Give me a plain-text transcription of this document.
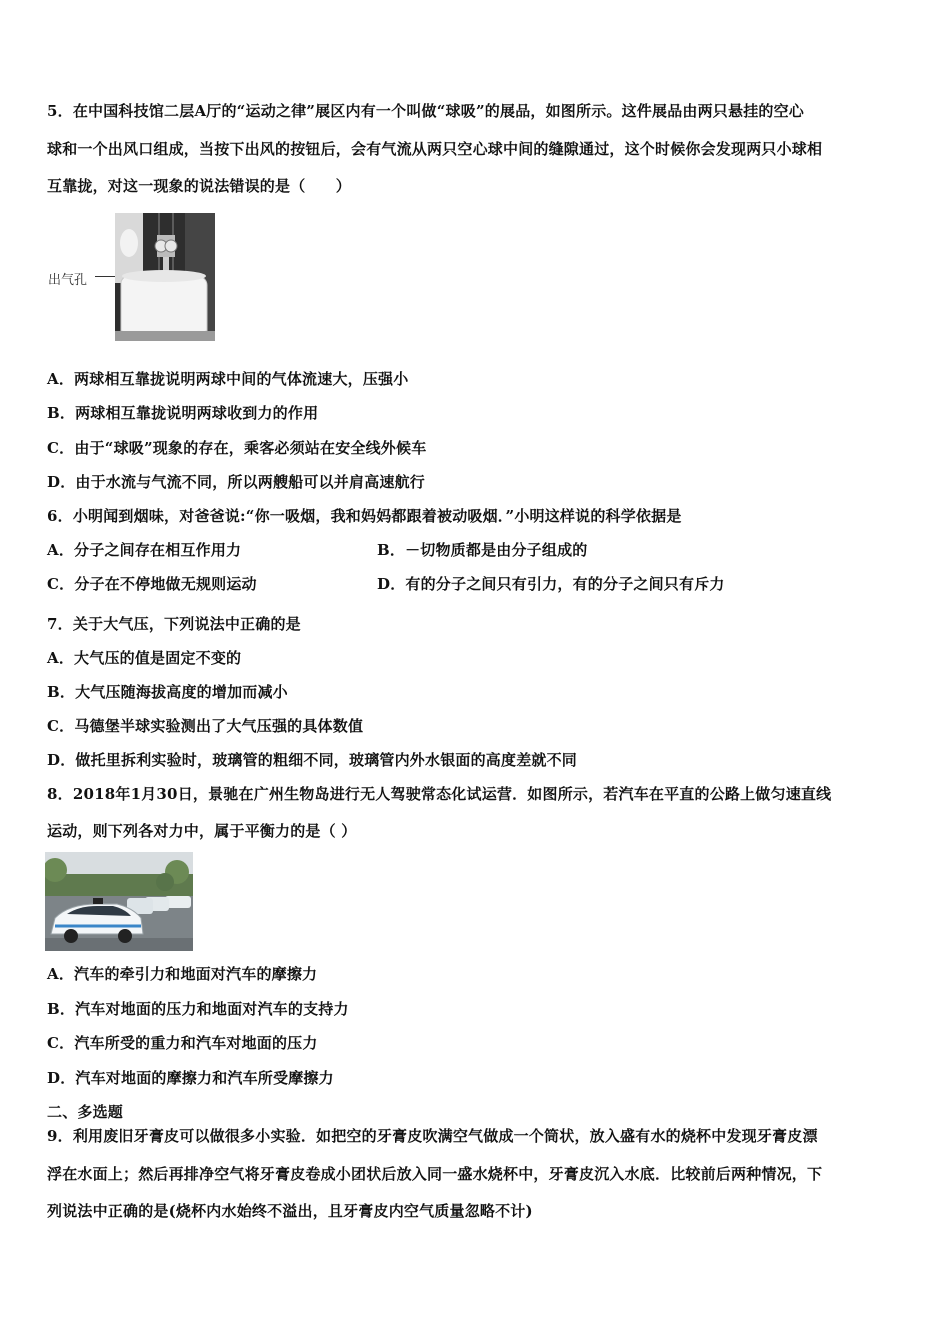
5．在中国科技馆二层A厅的“运动之律”展区内有一个叫做“球吸”的展品，如图所示。这件展品由两只悬挂的空心
球和一个出风口组成，当按下出风的按钮后，会有气流从两只空心球中间的缝隙通过，这个时候你会发现两只小球相
互靠拢，对这一现象的说法错误的是（　　）
出气孔
A．两球相互靠拢说明两球中间的气体流速大，压强小
B．两球相互靠拢说明两球收到力的作用
C．由于“球吸”现象的存在，乘客必须站在安全线外候车
D．由于水流与气流不同，所以两艘船可以并肩高速航行
6．小明闻到烟味，对爸爸说:“你一吸烟，我和妈妈都跟着被动吸烟．”小明这样说的科学依据是
A．分子之间存在相互作用力	B．－切物质都是由分子组成的
C．分子在不停地做无规则运动	D．有的分子之间只有引力，有的分子之间只有斥力
7．关于大气压，下列说法中正确的是
A．大气压的值是固定不变的
B．大气压随海拔高度的增加而减小
C．马德堡半球实验测出了大气压强的具体数值
D．做托里拆利实验时，玻璃管的粗细不同，玻璃管内外水银面的高度差就不同
8．2018年1月30日，景驰在广州生物岛进行无人驾驶常态化试运营．如图所示，若汽车在平直的公路上做匀速直线
运动，则下列各对力中，属于平衡力的是（ ）
A．汽车的牵引力和地面对汽车的摩擦力
B．汽车对地面的压力和地面对汽车的支持力
C．汽车所受的重力和汽车对地面的压力
D．汽车对地面的摩擦力和汽车所受摩擦力
二、多选题
9．利用废旧牙膏皮可以做很多小实验．如把空的牙膏皮吹满空气做成一个筒状，放入盛有水的烧杯中发现牙膏皮漂
浮在水面上；然后再排净空气将牙膏皮卷成小团状后放入同一盛水烧杯中，牙膏皮沉入水底．比较前后两种情况，下
列说法中正确的是(烧杯内水始终不溢出，且牙膏皮内空气质量忽略不计)
